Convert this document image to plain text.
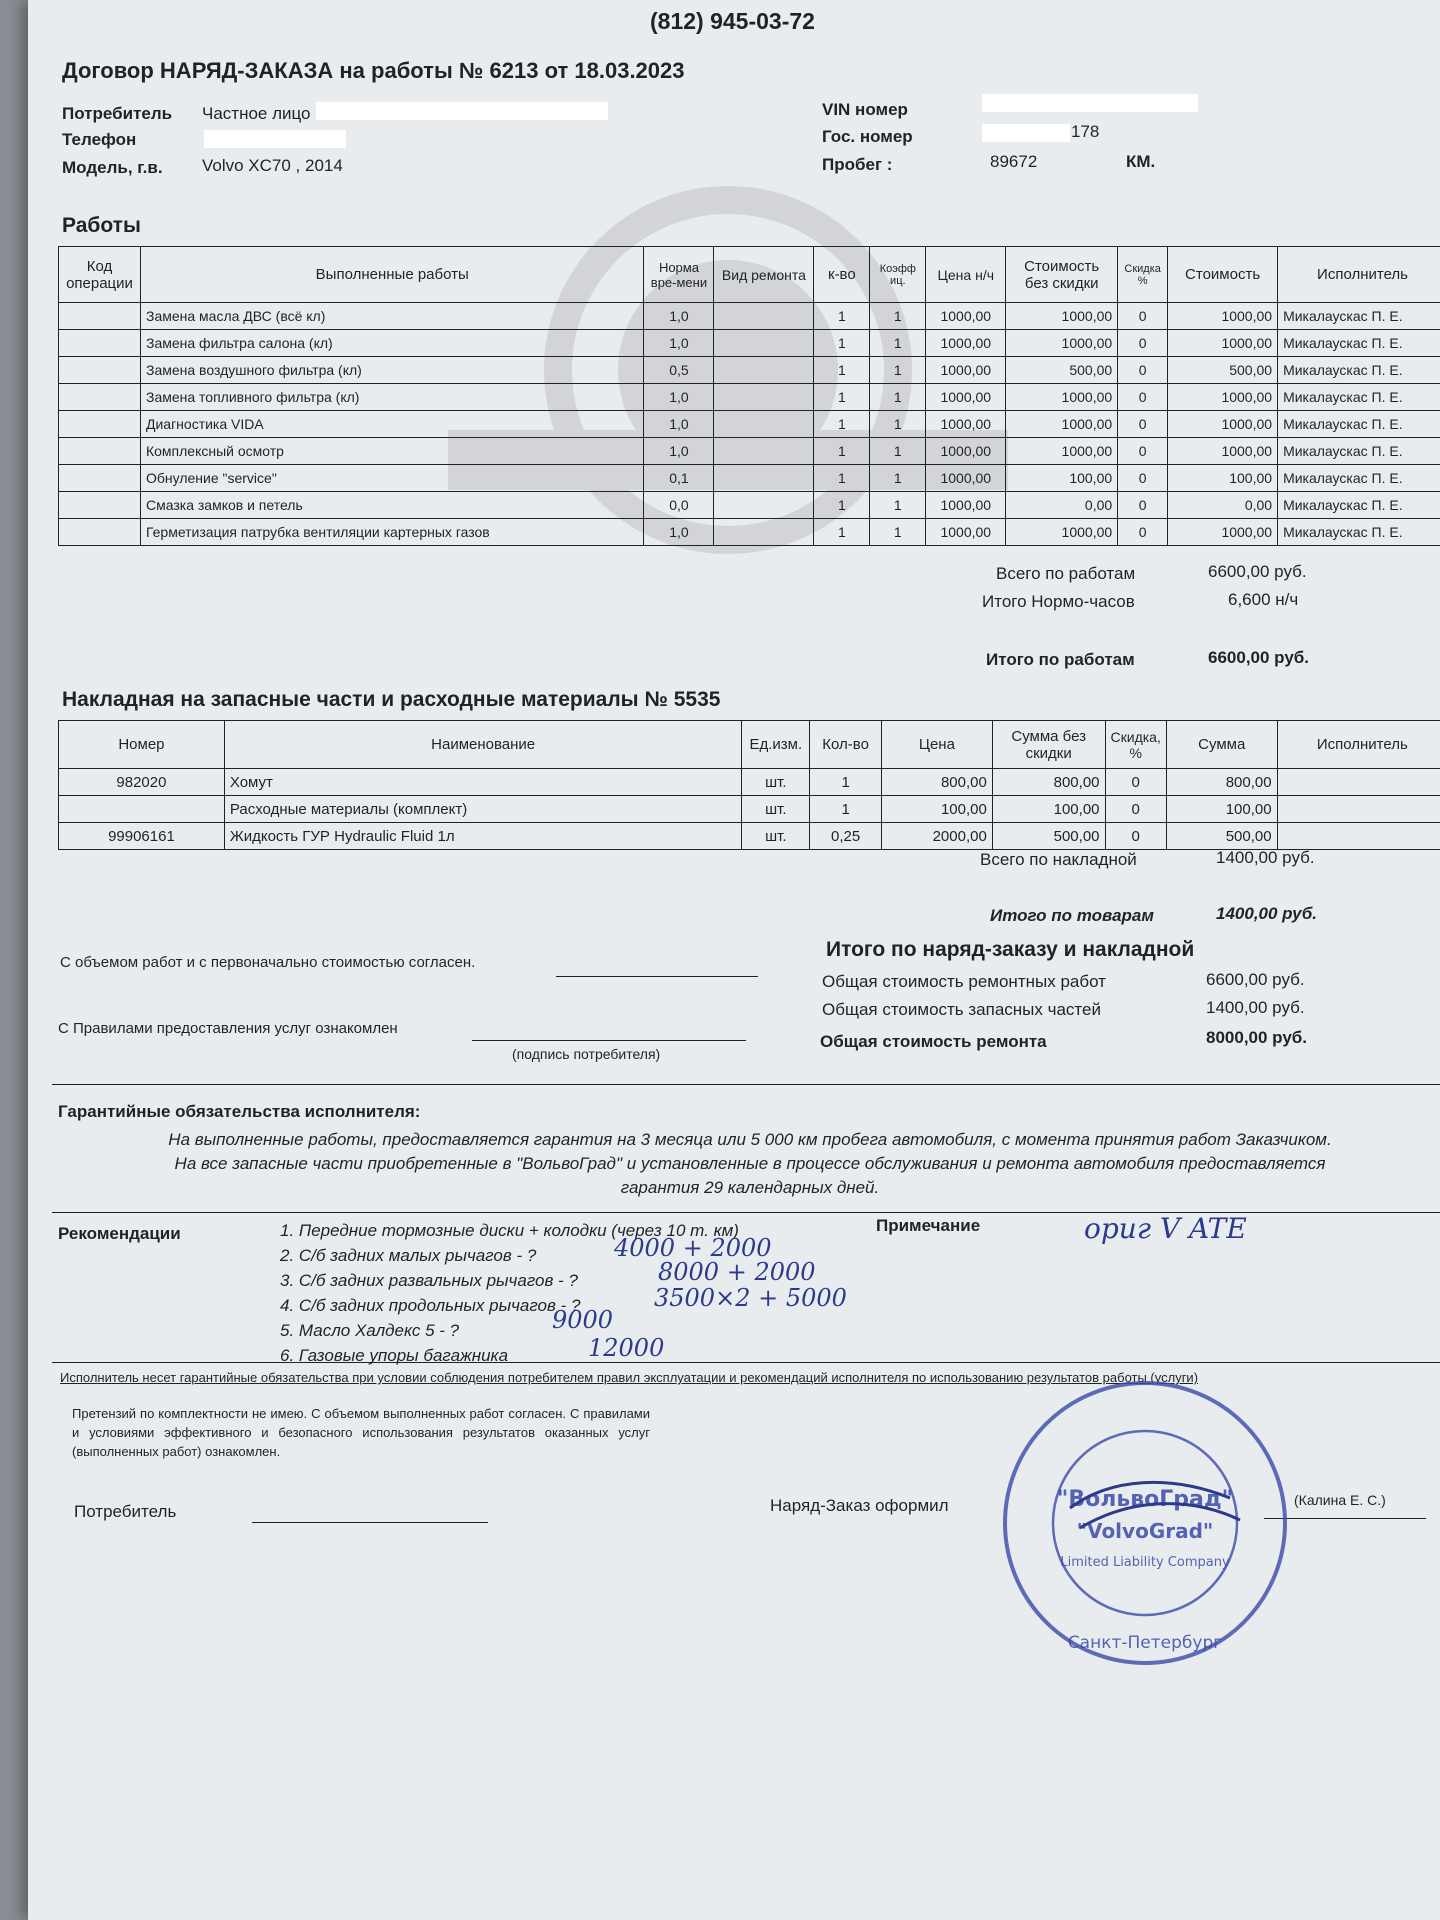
(812) 945-03-72
Договор НАРЯД-ЗАКАЗА на работы № 6213 от 18.03.2023
Потребитель Частное лицо
Телефон
Модель, г.в. Volvo XC70 , 2014
VIN номер
Гос. номер	178
Пробег :	89672	КМ.
Работы
Код операции	Выполненные работы	Норма вре-мени	Вид ремонта	к-во	Коэфф иц.	Цена н/ч	Стоимость без скидки	Скидка %	Стоимость	Исполнитель
	Замена масла ДВС (всё кл)	1,0		1	1	1000,00	1000,00	0	1000,00	Микалаускас П. Е.
	Замена фильтра салона (кл)	1,0		1	1	1000,00	1000,00	0	1000,00	Микалаускас П. Е.
	Замена воздушного фильтра (кл)	0,5		1	1	1000,00	500,00	0	500,00	Микалаускас П. Е.
	Замена топливного фильтра (кл)	1,0		1	1	1000,00	1000,00	0	1000,00	Микалаускас П. Е.
	Диагностика VIDA	1,0		1	1	1000,00	1000,00	0	1000,00	Микалаускас П. Е.
	Комплексный осмотр	1,0		1	1	1000,00	1000,00	0	1000,00	Микалаускас П. Е.
	Обнуление "service"	0,1		1	1	1000,00	100,00	0	100,00	Микалаускас П. Е.
	Смазка замков и петель	0,0		1	1	1000,00	0,00	0	0,00	Микалаускас П. Е.
	Герметизация патрубка вентиляции картерных газов	1,0		1	1	1000,00	1000,00	0	1000,00	Микалаускас П. Е.
Всего по работам	6600,00 руб.
Итого Нормо-часов	6,600 н/ч
Итого по работам	6600,00 руб.
Накладная на запасные части и расходные материалы № 5535
Номер	Наименование	Ед.изм.	Кол-во	Цена	Сумма без скидки	Скидка, %	Сумма	Исполнитель
982020	Хомут	шт.	1	800,00	800,00	0	800,00	
	Расходные материалы (комплект)	шт.	1	100,00	100,00	0	100,00	
99906161	Жидкость ГУР Hydraulic Fluid 1л	шт.	0,25	2000,00	500,00	0	500,00	
Всего по накладной	1400,00 руб.
Итого по товарам	1400,00 руб.
С объемом работ и с первоначально стоимостью согласен.
С Правилами предоставления услуг ознакомлен
(подпись потребителя)
Итого по наряд-заказу и накладной
Общая стоимость ремонтных работ	6600,00 руб.
Общая стоимость запасных частей	1400,00 руб.
Общая стоимость ремонта	8000,00 руб.
Гарантийные обязательства исполнителя:
На выполненные работы, предоставляется гарантия на 3 месяца или 5 000 км пробега автомобиля, с момента принятия работ Заказчиком.
На все запасные части приобретенные в "ВольвоГрад" и установленные в процессе обслуживания и ремонта автомобиля предоставляется
гарантия 29 календарных дней.
Рекомендации	1. Передние тормозные диски + колодки (через 10 т. км)
2. С/б задних малых рычагов - ?
3. С/б задних развальных рычагов - ?
4. С/б задних продольных рычагов - ?
5. Масло Халдекс 5 - ?
6. Газовые упоры багажника
Примечание	ориг V ATE
4000 + 2000
8000 + 2000
3500×2 + 5000
9000
12000
Исполнитель несет гарантийные обязательства при условии соблюдения потребителем правил эксплуатации и рекомендаций исполнителя по использованию результатов работы (услуги)
Претензий по комплектности не имею. С объемом выполненных работ согласен. С правилами и условиями эффективного и безопасного использования результатов оказанных услуг (выполненных работ) ознакомлен.
Потребитель	Наряд-Заказ оформил	(Калина Е. С.)
"ВольвоГрад"
"VolvoGrad"
Limited Liability Company
Санкт-Петербург
